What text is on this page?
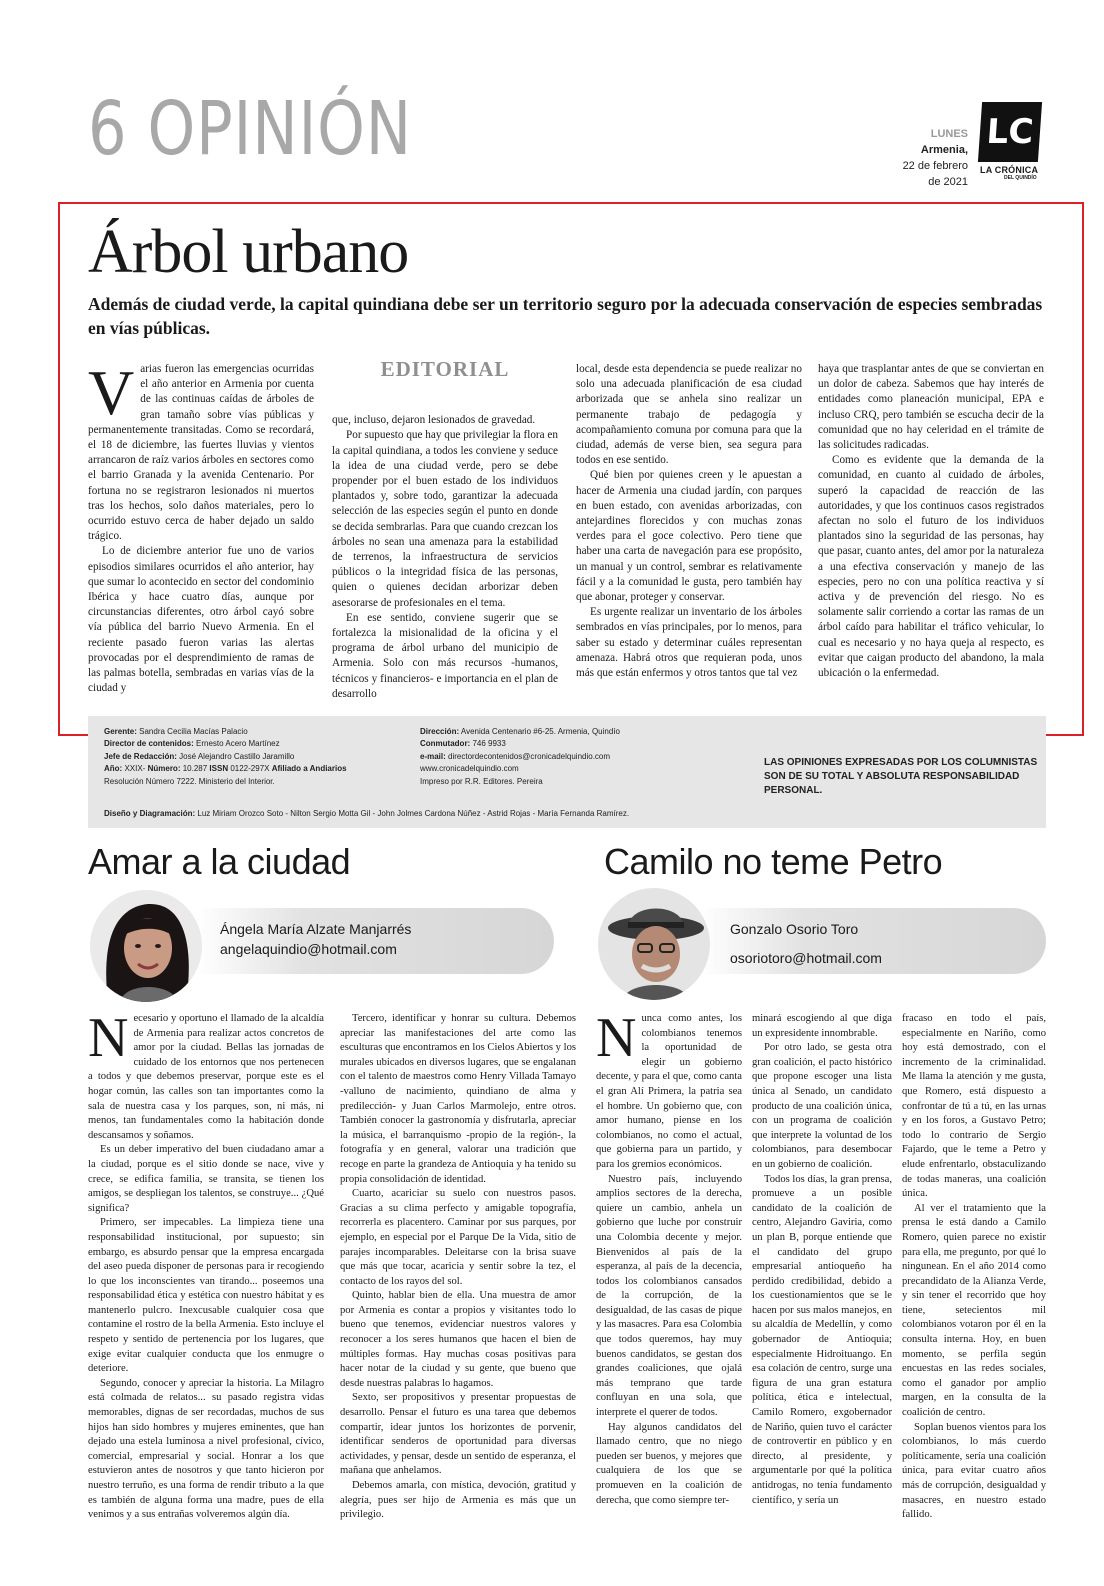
6 OPINIÓN	LUNES
Armenia,
22 de febrero
de 2021
LC
LA CRÓNICA
DEL QUINDÍO
Árbol urbano
Además de ciudad verde, la capital quindiana debe ser un territorio seguro por la adecuada conservación de especies sembradas en vías públicas.

Varias fueron las emergencias ocurridas el año anterior en Armenia por cuenta de las continuas caídas de árboles de gran tamaño sobre vías públicas y permanentemente transitadas. Como se recordará, el 18 de diciembre, las fuertes lluvias y vientos arrancaron de raíz varios árboles en sectores como el barrio Granada y la avenida Centenario. Por fortuna no se registraron lesionados ni muertos tras los hechos, solo daños materiales, pero lo ocurrido estuvo cerca de haber dejado un saldo trágico.

Lo de diciembre anterior fue uno de varios episodios similares ocurridos el año anterior, hay que sumar lo acontecido en sector del condominio Ibérica y hace cuatro días, aunque por circunstancias diferentes, otro árbol cayó sobre vía pública del barrio Nuevo Armenia. En el reciente pasado fueron varias las alertas provocadas por el desprendimiento de ramas de las palmas botella, sembradas en varias vías de la ciudad y

EDITORIAL

que, incluso, dejaron lesionados de gravedad.

Por supuesto que hay que privilegiar la flora en la capital quindiana, a todos les conviene y seduce la idea de una ciudad verde, pero se debe propender por el buen estado de los individuos plantados y, sobre todo, garantizar la adecuada selección de las especies según el punto en donde se decida sembrarlas. Para que cuando crezcan los árboles no sean una amenaza para la estabilidad de terrenos, la infraestructura de servicios públicos o la integridad física de las personas, quien o quienes decidan arborizar deben asesorarse de profesionales en el tema.

En ese sentido, conviene sugerir que se fortalezca la misionalidad de la oficina y el programa de árbol urbano del municipio de Armenia. Solo con más recursos -humanos, técnicos y financieros- e importancia en el plan de desarrollo

local, desde esta dependencia se puede realizar no solo una adecuada planificación de esa ciudad arborizada que se anhela sino realizar un permanente trabajo de pedagogía y acompañamiento comuna por comuna para que la ciudad, además de verse bien, sea segura para todos en ese sentido.

Qué bien por quienes creen y le apuestan a hacer de Armenia una ciudad jardín, con parques en buen estado, con avenidas arborizadas, con antejardines florecidos y con muchas zonas verdes para el goce colectivo. Pero tiene que haber una carta de navegación para ese propósito, un manual y un control, sembrar es relativamente fácil y a la comunidad le gusta, pero también hay que abonar, proteger y conservar.

Es urgente realizar un inventario de los árboles sembrados en vías principales, por lo menos, para saber su estado y determinar cuáles representan amenaza. Habrá otros que requieran poda, unos más que están enfermos y otros tantos que tal vez

haya que trasplantar antes de que se conviertan en un dolor de cabeza. Sabemos que hay interés de entidades como planeación municipal, EPA e incluso CRQ, pero también se escucha decir de la comunidad que no hay celeridad en el trámite de las solicitudes radicadas.

Como es evidente que la demanda de la comunidad, en cuanto al cuidado de árboles, superó la capacidad de reacción de las autoridades, y que los continuos casos registrados afectan no solo el futuro de los individuos plantados sino la seguridad de las personas, hay que pasar, cuanto antes, del amor por la naturaleza a una efectiva conservación y manejo de las especies, pero no con una política reactiva y sí activa y de prevención del riesgo. No es solamente salir corriendo a cortar las ramas de un árbol caído para habilitar el tráfico vehicular, lo cual es necesario y no haya queja al respecto, es evitar que caigan producto del abandono, la mala ubicación o la enfermedad.

Gerente: Sandra Cecilia Macías Palacio
Director de contenidos: Ernesto Acero Martínez
Jefe de Redacción: José Alejandro Castillo Jaramillo
Año: XXIX- Número: 10.287 ISSN 0122-297X Afiliado a Andiarios
Resolución Número 7222. Ministerio del Interior.
Dirección: Avenida Centenario #6-25. Armenia, Quindío
Conmutador: 746 9933
e-mail: directordecontenidos@cronicadelquindio.com
www.cronicadelquindio.com
Impreso por R.R. Editores. Pereira
LAS OPINIONES EXPRESADAS POR LOS COLUMNISTAS SON DE SU TOTAL Y ABSOLUTA RESPONSABILIDAD PERSONAL.
Diseño y Diagramación: Luz Miriam Orozco Soto - Nilton Sergio Motta Gil - John Jolmes Cardona Núñez - Astrid Rojas - María Fernanda Ramírez.
Amar a la ciudad
Ángela María Alzate Manjarrés
angelaquindio@hotmail.com

Necesario y oportuno el llamado de la alcaldía de Armenia para realizar actos concretos de amor por la ciudad. Bellas las jornadas de cuidado de los entornos que nos pertenecen a todos y que debemos preservar, porque este es el hogar común, las calles son tan importantes como la sala de nuestra casa y los parques, son, ni más, ni menos, tan fundamentales como la habitación donde descansamos y soñamos.

Es un deber imperativo del buen ciudadano amar a la ciudad, porque es el sitio donde se nace, vive y crece, se edifica familia, se transita, se tienen los amigos, se despliegan los talentos, se construye... ¿Qué significa?

Primero, ser impecables. La limpieza tiene una responsabilidad institucional, por supuesto; sin embargo, es absurdo pensar que la empresa encargada del aseo pueda disponer de personas para ir recogiendo lo que los inconscientes van tirando... poseemos una responsabilidad ética y estética con nuestro hábitat y es mantenerlo pulcro. Inexcusable cualquier cosa que contamine el rostro de la bella Armenia. Esto incluye el respeto y sentido de pertenencia por los lugares, que exige evitar cualquier conducta que los enmugre o deteriore.

Segundo, conocer y apreciar la historia. La Milagro está colmada de relatos... su pasado registra vidas memorables, dignas de ser recordadas, muchos de sus hijos han sido hombres y mujeres eminentes, que han dejado una estela luminosa a nivel profesional, cívico, comercial, empresarial y social. Honrar a los que estuvieron antes de nosotros y que tanto hicieron por nuestro terruño, es una forma de rendir tributo a la que es también de alguna forma una madre, pues de ella venimos y a sus entrañas volveremos algún día.

Tercero, identificar y honrar su cultura. Debemos apreciar las manifestaciones del arte como las esculturas que encontramos en los Cielos Abiertos y los murales ubicados en diversos lugares, que se engalanan con el talento de maestros como Henry Villada Tamayo -valluno de nacimiento, quindiano de alma y predilección- y Juan Carlos Marmolejo, entre otros. También conocer la gastronomía y disfrutarla, apreciar la música, el barranquismo -propio de la región-, la fotografía y en general, valorar una tradición que recoge en parte la grandeza de Antioquia y ha tenido su propia consolidación de identidad.

Cuarto, acariciar su suelo con nuestros pasos. Gracias a su clima perfecto y amigable topografía, recorrerla es placentero. Caminar por sus parques, por ejemplo, en especial por el Parque De la Vida, sitio de parajes incomparables. Deleitarse con la brisa suave que más que tocar, acaricia y sentir sobre la tez, el contacto de los rayos del sol.

Quinto, hablar bien de ella. Una muestra de amor por Armenia es contar a propios y visitantes todo lo bueno que tenemos, evidenciar nuestros valores y reconocer a los seres humanos que hacen el bien de múltiples formas. Hay muchas cosas positivas para hacer notar de la ciudad y su gente, que bueno que desde nuestras palabras lo hagamos.

Sexto, ser propositivos y presentar propuestas de desarrollo. Pensar el futuro es una tarea que debemos compartir, idear juntos los horizontes de porvenir, identificar senderos de oportunidad para diversas actividades, y pensar, desde un sentido de esperanza, el mañana que anhelamos.

Debemos amarla, con mística, devoción, gratitud y alegría, pues ser hijo de Armenia es más que un privilegio.

Camilo no teme Petro
Gonzalo Osorio Toro
osoriotoro@hotmail.com

Nunca como antes, los colombianos tenemos la oportunidad de elegir un gobierno decente, y para el que, como canta el gran Alí Primera, la patria sea el hombre. Un gobierno que, con amor humano, piense en los colombianos, no como el actual, que gobierna para un partido, y para los gremios económicos.

Nuestro país, incluyendo amplios sectores de la derecha, quiere un cambio, anhela un gobierno que luche por construir una Colombia decente y mejor. Bienvenidos al país de la esperanza, al país de la decencia, todos los colombianos cansados de la corrupción, de la desigualdad, de las casas de pique y las masacres. Para esa Colombia que todos queremos, hay muy buenos candidatos, se gestan dos grandes coaliciones, que ojalá más temprano que tarde confluyan en una sola, que interprete el querer de todos.

Hay algunos candidatos del llamado centro, que no niego pueden ser buenos, y mejores que cualquiera de los que se promueven en la coalición de derecha, que como siempre ter-

minará escogiendo al que diga un expresidente innombrable.

Por otro lado, se gesta otra gran coalición, el pacto histórico que propone escoger una lista única al Senado, un candidato producto de una coalición única, con un programa de coalición que interprete la voluntad de los colombianos, para desembocar en un gobierno de coalición.

Todos los días, la gran prensa, promueve a un posible candidato de la coalición de centro, Alejandro Gaviria, como un plan B, porque entiende que el candidato del grupo empresarial antioqueño ha perdido credibilidad, debido a los cuestionamientos que se le hacen por sus malos manejos, en su alcaldía de Medellín, y como gobernador de Antioquia; especialmente Hidroituango. En esa colación de centro, surge una figura de una gran estatura política, ética e intelectual, Camilo Romero, exgobernador de Nariño, quien tuvo el carácter de controvertir en público y en directo, al presidente, y argumentarle por qué la política antidrogas, no tenía fundamento científico, y sería un

fracaso en todo el país, especialmente en Nariño, como hoy está demostrado, con el incremento de la criminalidad. Me llama la atención y me gusta, que Romero, está dispuesto a confrontar de tú a tú, en las urnas y en los foros, a Gustavo Petro; todo lo contrario de Sergio Fajardo, que le teme a Petro y elude enfrentarlo, obstaculizando de todas maneras, una coalición única.

Al ver el tratamiento que la prensa le está dando a Camilo Romero, quien parece no existir para ella, me pregunto, por qué lo ningunean. En el año 2014 como precandidato de la Alianza Verde, y sin tener el recorrido que hoy tiene, setecientos mil colombianos votaron por él en la consulta interna. Hoy, en buen momento, se perfila según encuestas en las redes sociales, como el ganador por amplio margen, en la consulta de la coalición de centro.

Soplan buenos vientos para los colombianos, lo más cuerdo políticamente, sería una coalición única, para evitar cuatro años más de corrupción, desigualdad y masacres, en nuestro estado fallido.
